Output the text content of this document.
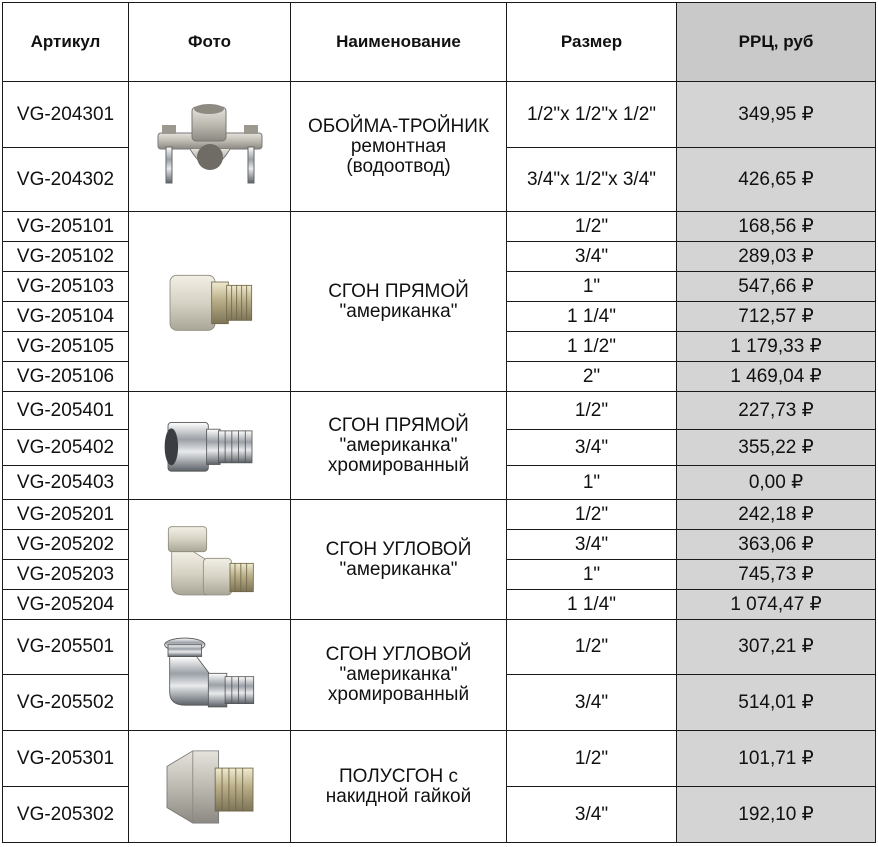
Артикул	Фото	Наименование	Размер	РРЦ, руб
VG-204301		ОБОЙМА-ТРОЙНИК
ремонтная
(водоотвод)	1/2"x 1/2"x 1/2"	349,95 ₽
VG-204302			3/4"x 1/2"x 3/4"	426,65 ₽
VG-205101		СГОН ПРЯМОЙ
"американка"	1/2"	168,56 ₽
VG-205102			3/4"	289,03 ₽
VG-205103			1"	547,66 ₽
VG-205104			1 1/4"	712,57 ₽
VG-205105			1 1/2"	1 179,33 ₽
VG-205106			2"	1 469,04 ₽
VG-205401		СГОН ПРЯМОЙ
"американка"
хромированный	1/2"	227,73 ₽
VG-205402			3/4"	355,22 ₽
VG-205403			1"	0,00 ₽
VG-205201		СГОН УГЛОВОЙ
"американка"	1/2"	242,18 ₽
VG-205202			3/4"	363,06 ₽
VG-205203			1"	745,73 ₽
VG-205204			1 1/4"	1 074,47 ₽
VG-205501		СГОН УГЛОВОЙ
"американка"
хромированный	1/2"	307,21 ₽
VG-205502			3/4"	514,01 ₽
VG-205301		ПОЛУСГОН с
накидной гайкой	1/2"	101,71 ₽
VG-205302			3/4"	192,10 ₽
